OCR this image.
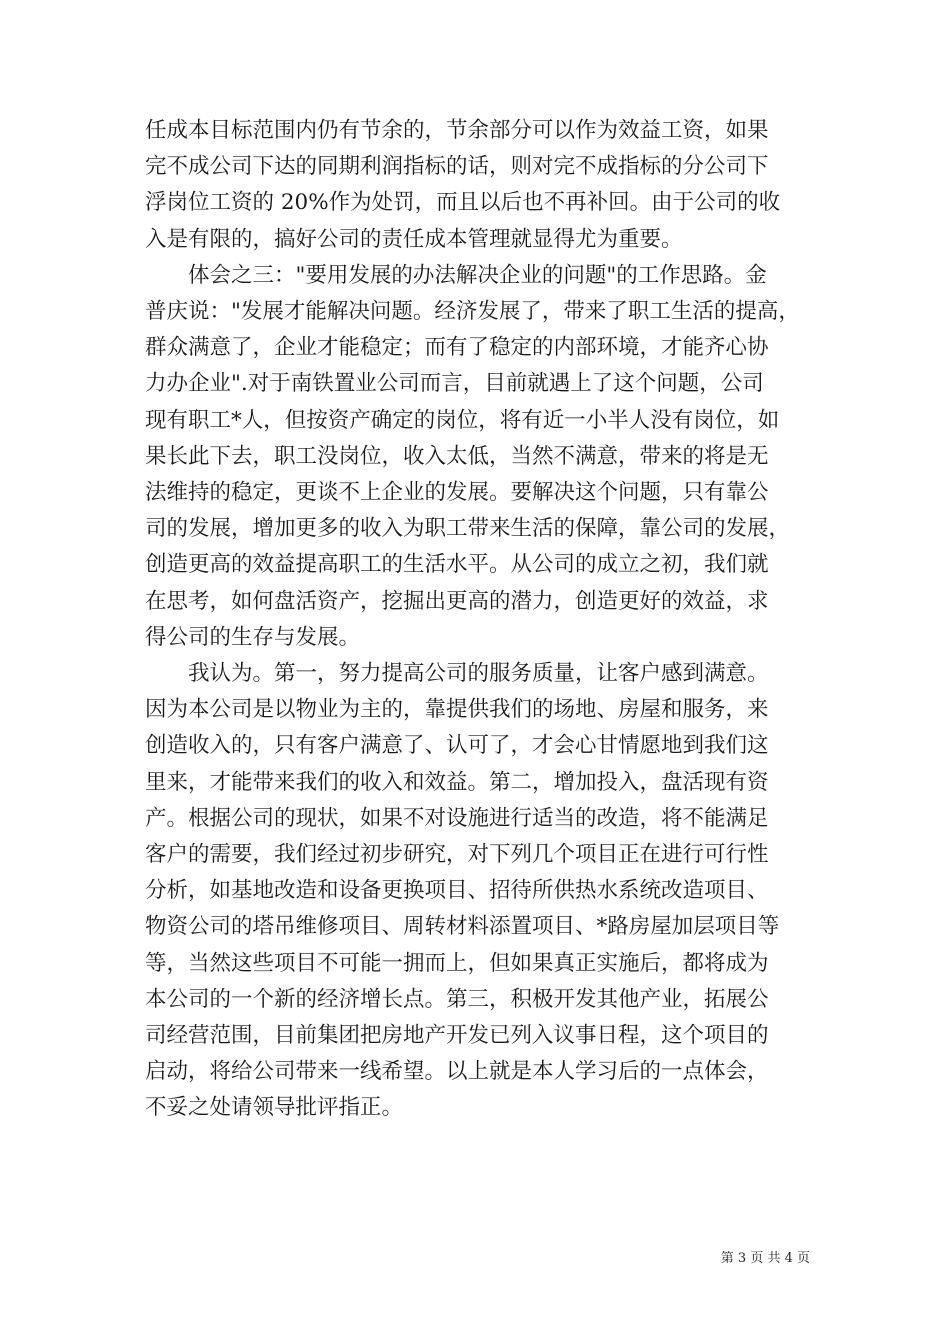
任成本目标范围内仍有节余的，节余部分可以作为效益工资，如果
完不成公司下达的同期利润指标的话，则对完不成指标的分公司下
浮岗位工资的 20%作为处罚，而且以后也不再补回。由于公司的收
入是有限的，搞好公司的责任成本管理就显得尤为重要。
　　体会之三："要用发展的办法解决企业的问题"的工作思路。金
普庆说："发展才能解决问题。经济发展了，带来了职工生活的提高，
群众满意了，企业才能稳定；而有了稳定的内部环境，才能齐心协
力办企业".对于南铁置业公司而言，目前就遇上了这个问题，公司
现有职工*人，但按资产确定的岗位，将有近一小半人没有岗位，如
果长此下去，职工没岗位，收入太低，当然不满意，带来的将是无
法维持的稳定，更谈不上企业的发展。要解决这个问题，只有靠公
司的发展，增加更多的收入为职工带来生活的保障，靠公司的发展，
创造更高的效益提高职工的生活水平。从公司的成立之初，我们就
在思考，如何盘活资产，挖掘出更高的潜力，创造更好的效益，求
得公司的生存与发展。
　　我认为。第一，努力提高公司的服务质量，让客户感到满意。
因为本公司是以物业为主的，靠提供我们的场地、房屋和服务，来
创造收入的，只有客户满意了、认可了，才会心甘情愿地到我们这
里来，才能带来我们的收入和效益。第二，增加投入，盘活现有资
产。根据公司的现状，如果不对设施进行适当的改造，将不能满足
客户的需要，我们经过初步研究，对下列几个项目正在进行可行性
分析，如基地改造和设备更换项目、招待所供热水系统改造项目、
物资公司的塔吊维修项目、周转材料添置项目、*路房屋加层项目等
等，当然这些项目不可能一拥而上，但如果真正实施后，都将成为
本公司的一个新的经济增长点。第三，积极开发其他产业，拓展公
司经营范围，目前集团把房地产开发已列入议事日程，这个项目的
启动，将给公司带来一线希望。以上就是本人学习后的一点体会，
不妥之处请领导批评指正。
第 3 页 共 4 页
